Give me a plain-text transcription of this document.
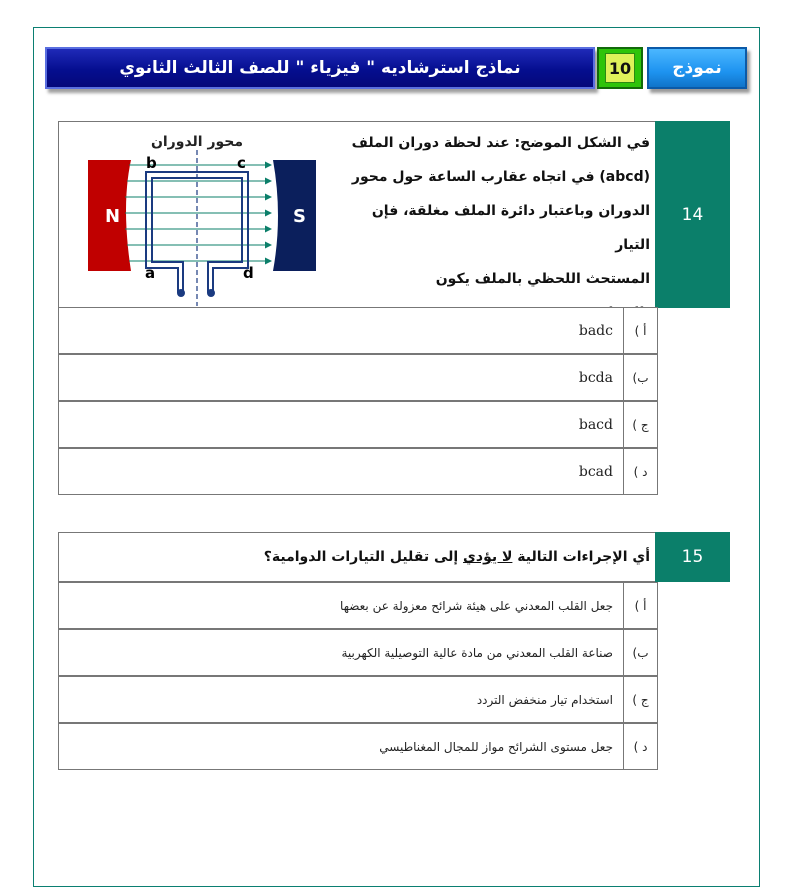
نماذج استرشاديه " فيزياء " للصف الثالث الثانوي	10	نموذج
14
في الشكل الموضح: عند لحظة دوران الملف
(abcd) في اتجاه عقارب الساعة حول محور
الدوران وباعتبار دائرة الملف مغلقة، فإن التيار
المستحث اللحظي بالملف يكون
N	S
محور الدوران
b	c
a	d
أ )
badc
ب)
bcda
ج )
bacd
د )
bcad
15
أي الإجراءات التالية لا يؤدي إلى تقليل التيارات الدوامية؟
أ )
جعل القلب المعدني على هيئة شرائح معزولة عن بعضها
ب)
صناعة القلب المعدني من مادة عالية التوصيلية الكهربية
ج )
استخدام تيار منخفض التردد
د )
جعل مستوى الشرائح مواز للمجال المغناطيسي
